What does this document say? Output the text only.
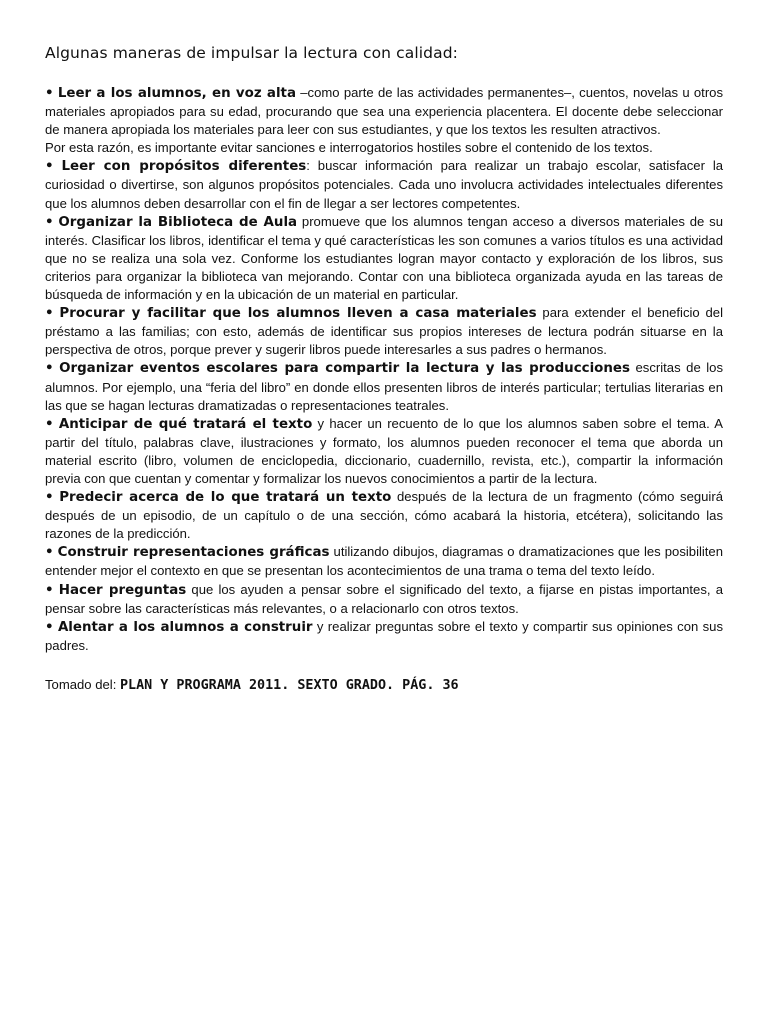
Algunas maneras de impulsar la lectura con calidad:

• Leer a los alumnos, en voz alta –como parte de las actividades permanentes–, cuentos, novelas u otros materiales apropiados para su edad, procurando que sea una experiencia placentera. El docente debe seleccionar de manera apropiada los materiales para leer con sus estudiantes, y que los textos les resulten atractivos.

Por esta razón, es importante evitar sanciones e interrogatorios hostiles sobre el contenido de los textos.

• Leer con propósitos diferentes: buscar información para realizar un trabajo escolar, satisfacer la curiosidad o divertirse, son algunos propósitos potenciales. Cada uno involucra actividades intelectuales diferentes que los alumnos deben desarrollar con el fin de llegar a ser lectores competentes.

• Organizar la Biblioteca de Aula promueve que los alumnos tengan acceso a diversos materiales de su interés. Clasificar los libros, identificar el tema y qué características les son comunes a varios títulos es una actividad que no se realiza una sola vez. Conforme los estudiantes logran mayor contacto y exploración de los libros, sus criterios para organizar la biblioteca van mejorando. Contar con una biblioteca organizada ayuda en las tareas de búsqueda de información y en la ubicación de un material en particular.

• Procurar y facilitar que los alumnos lleven a casa materiales para extender el beneficio del préstamo a las familias; con esto, además de identificar sus propios intereses de lectura podrán situarse en la perspectiva de otros, porque prever y sugerir libros puede interesarles a sus padres o hermanos.

• Organizar eventos escolares para compartir la lectura y las producciones escritas de los alumnos. Por ejemplo, una “feria del libro” en donde ellos presenten libros de interés particular; tertulias literarias en las que se hagan lecturas dramatizadas o representaciones teatrales.

• Anticipar de qué tratará el texto y hacer un recuento de lo que los alumnos saben sobre el tema. A partir del título, palabras clave, ilustraciones y formato, los alumnos pueden reconocer el tema que aborda un material escrito (libro, volumen de enciclopedia, diccionario, cuadernillo, revista, etc.), compartir la información previa con que cuentan y comentar y formalizar los nuevos conocimientos a partir de la lectura.

• Predecir acerca de lo que tratará un texto después de la lectura de un fragmento (cómo seguirá después de un episodio, de un capítulo o de una sección, cómo acabará la historia, etcétera), solicitando las razones de la predicción.

• Construir representaciones gráficas utilizando dibujos, diagramas o dramatizaciones que les posibiliten entender mejor el contexto en que se presentan los acontecimientos de una trama o tema del texto leído.

• Hacer preguntas que los ayuden a pensar sobre el significado del texto, a fijarse en pistas importantes, a pensar sobre las características más relevantes, o a relacionarlo con otros textos.

• Alentar a los alumnos a construir y realizar preguntas sobre el texto y compartir sus opiniones con sus padres.

Tomado del: PLAN Y PROGRAMA 2011. SEXTO GRADO. PÁG. 36
